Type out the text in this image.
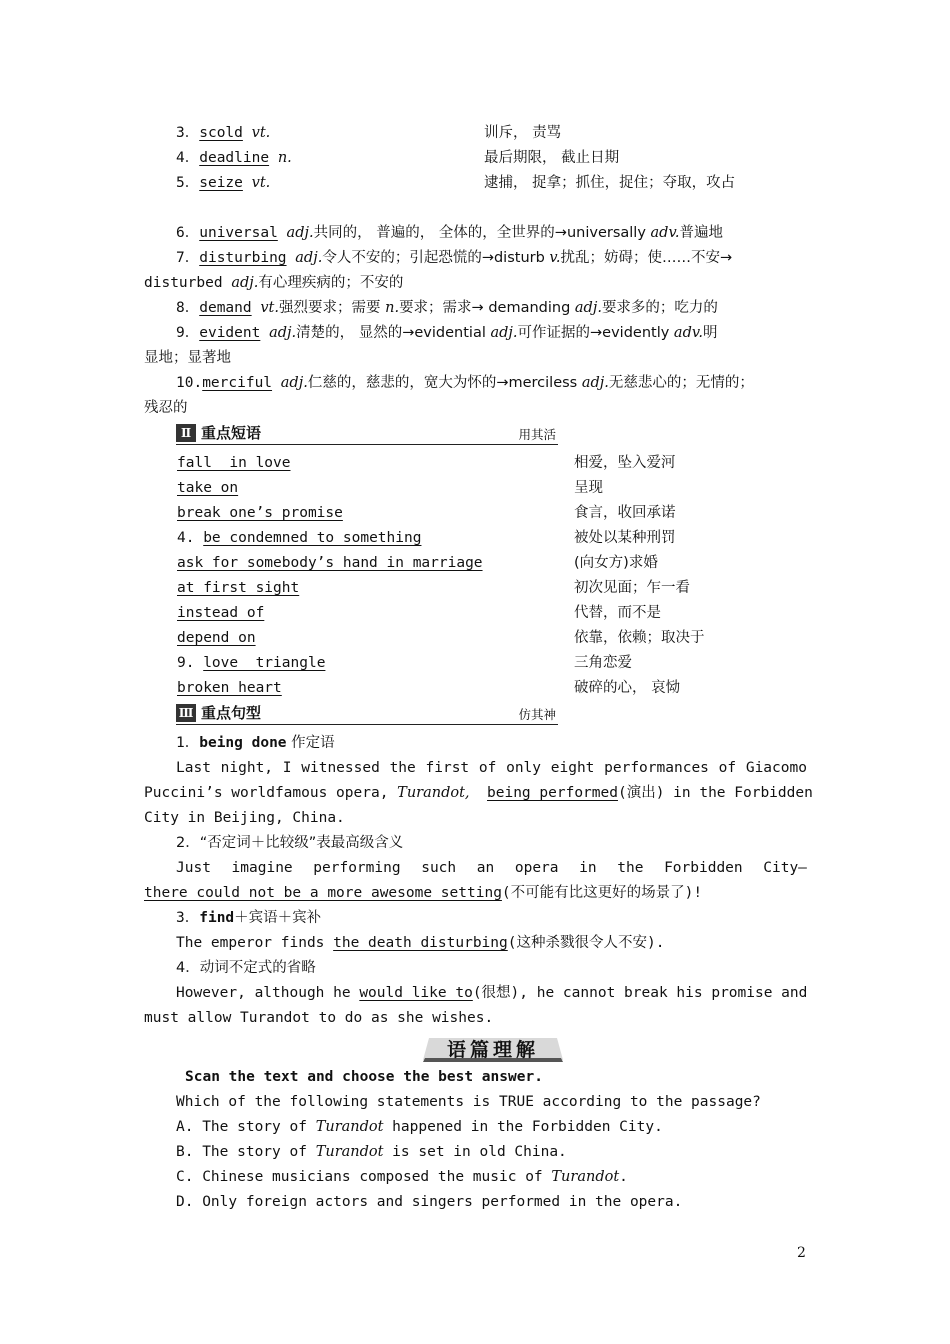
3．scold vt.	训斥， 责骂
4．deadline n.	最后期限， 截止日期
5．seize vt.	逮捕， 捉拿；抓住，捉住；夺取，攻占
6．universal adj.共同的， 普遍的， 全体的，全世界的→universally adv.普遍地
7．disturbing adj.令人不安的；引起恐慌的→disturb v.扰乱；妨碍；使……不安→
disturbed adj.有心理疾病的；不安的
8．demand vt.强烈要求；需要 n.要求；需求→ demanding adj.要求多的；吃力的
9．evident adj.清楚的， 显然的→evidential adj.可作证据的→evidently adv.明
显地；显著地
10.merciful adj.仁慈的，慈悲的，宽大为怀的→merciless adj.无慈悲心的；无情的；
残忍的
Ⅱ 重点短语	用其活
fall  in love	相爱，坠入爱河
take on	呈现
break one’s promise	食言，收回承诺
4. be condemned to something	被处以某种刑罚
ask for somebody’s hand in marriage	(向女方)求婚
at first sight	初次见面；乍一看
instead of	代替，而不是
depend on	依靠，依赖；取决于
9. love  triangle	三角恋爱
broken heart	破碎的心， 哀恸
Ⅲ 重点句型	仿其神
1．being done 作定语
Last night, I witnessed the first of only eight performances of Giacomo
Puccini’s worldfamous opera, Turandot, being performed(演出) in the Forbidden
City in Beijing, China.
2．“否定词＋比较级”表最高级含义
Just imagine performing such an opera in the Forbidden City—
there could not be a more awesome setting(不可能有比这更好的场景了)!
3．find＋宾语＋宾补
The emperor finds the death disturbing(这种杀戮很令人不安).
4．动词不定式的省略
However, although he would like to(很想), he cannot break his promise and
must allow Turandot to do as she wishes.
语篇理解
Scan the text and choose the best answer.
Which of the following statements is TRUE according to the passage?
A. The story of Turandot happened in the Forbidden City.
B. The story of Turandot is set in old China.
C. Chinese musicians composed the music of Turandot.
D. Only foreign actors and singers performed in the opera.
2
